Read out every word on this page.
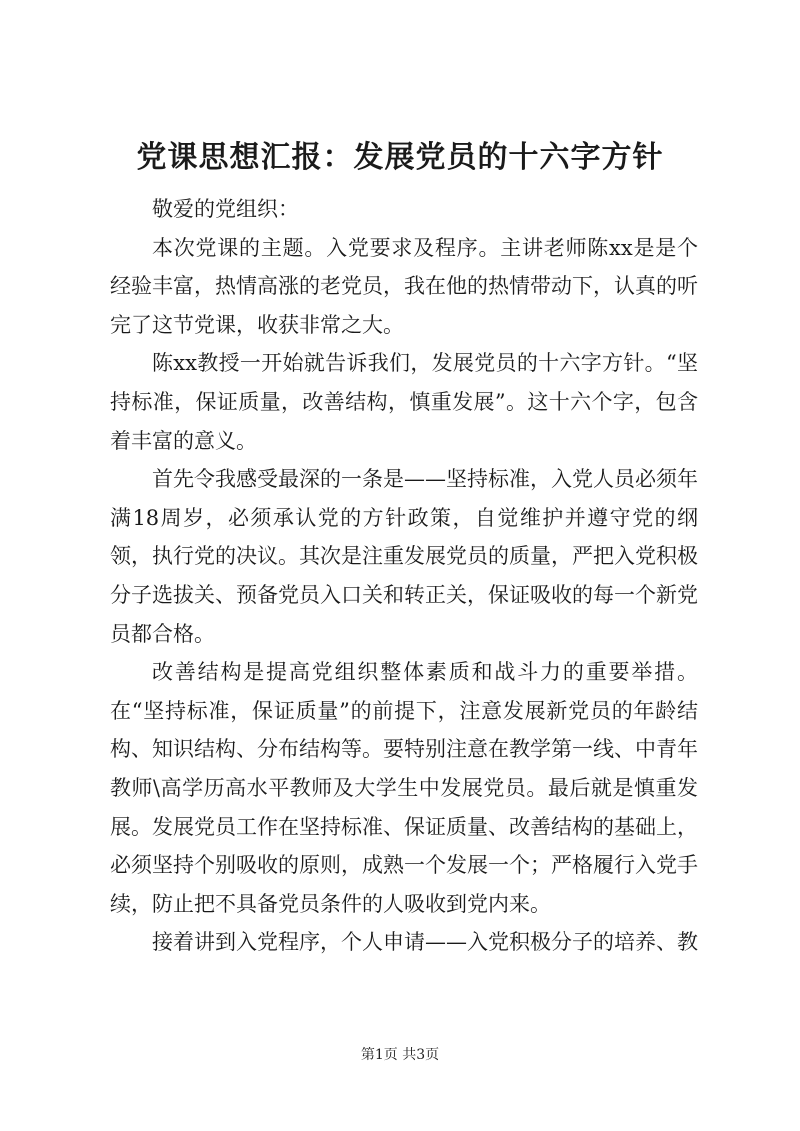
党课思想汇报：发展党员的十六字方针

敬爱的党组织：

本次党课的主题。入党要求及程序。主讲老师陈xx是是个经验丰富，热情高涨的老党员，我在他的热情带动下，认真的听完了这节党课，收获非常之大。

陈xx教授一开始就告诉我们，发展党员的十六字方针。“坚持标准，保证质量，改善结构，慎重发展”。这十六个字，包含着丰富的意义。

首先令我感受最深的一条是——坚持标准，入党人员必须年满18周岁，必须承认党的方针政策，自觉维护并遵守党的纲领，执行党的决议。其次是注重发展党员的质量，严把入党积极分子选拔关、预备党员入口关和转正关，保证吸收的每一个新党员都合格。

改善结构是提高党组织整体素质和战斗力的重要举措。在“坚持标准，保证质量”的前提下，注意发展新党员的年龄结构、知识结构、分布结构等。要特别注意在教学第一线、中青年教师\高学历高水平教师及大学生中发展党员。最后就是慎重发展。发展党员工作在坚持标准、保证质量、改善结构的基础上，必须坚持个别吸收的原则，成熟一个发展一个；严格履行入党手续，防止把不具备党员条件的人吸收到党内来。

接着讲到入党程序，个人申请——入党积极分子的培养、教

第1页 共3页
